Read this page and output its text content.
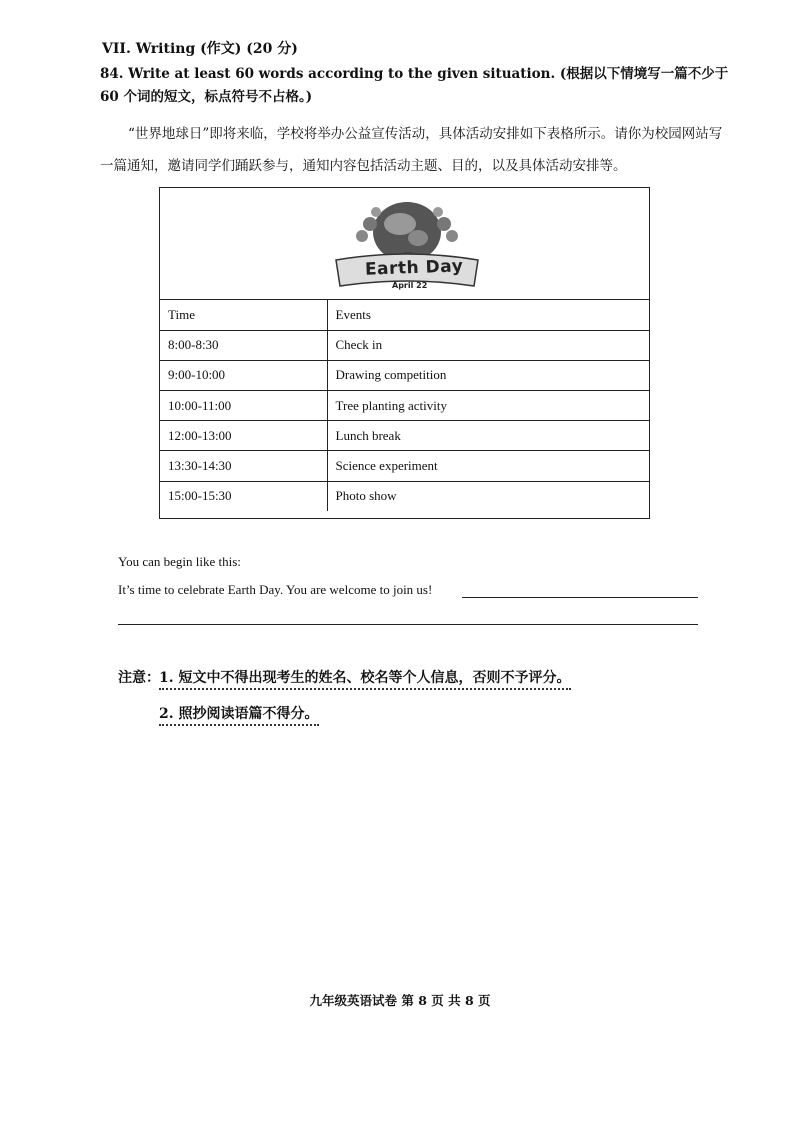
VII. Writing (作文) (20 分)
84. Write at least 60 words according to the given situation. (根据以下情境写一篇不少于 60 个词的短文，标点符号不占格。)
“世界地球日”即将来临，学校将举办公益宣传活动，具体活动安排如下表格所示。请你为校园网站写一篇通知，邀请同学们踊跃参与，通知内容包括活动主题、目的，以及具体活动安排等。
Earth Day
April 22
Time	Events
8:00-8:30	Check in
9:00-10:00	Drawing competition
10:00-11:00	Tree planting activity
12:00-13:00	Lunch break
13:30-14:30	Science experiment
15:00-15:30	Photo show
You can begin like this:
It’s time to celebrate Earth Day. You are welcome to join us!
注意： 1. 短文中不得出现考生的姓名、校名等个人信息，否则不予评分。
2. 照抄阅读语篇不得分。
九年级英语试卷 第 8 页 共 8 页
